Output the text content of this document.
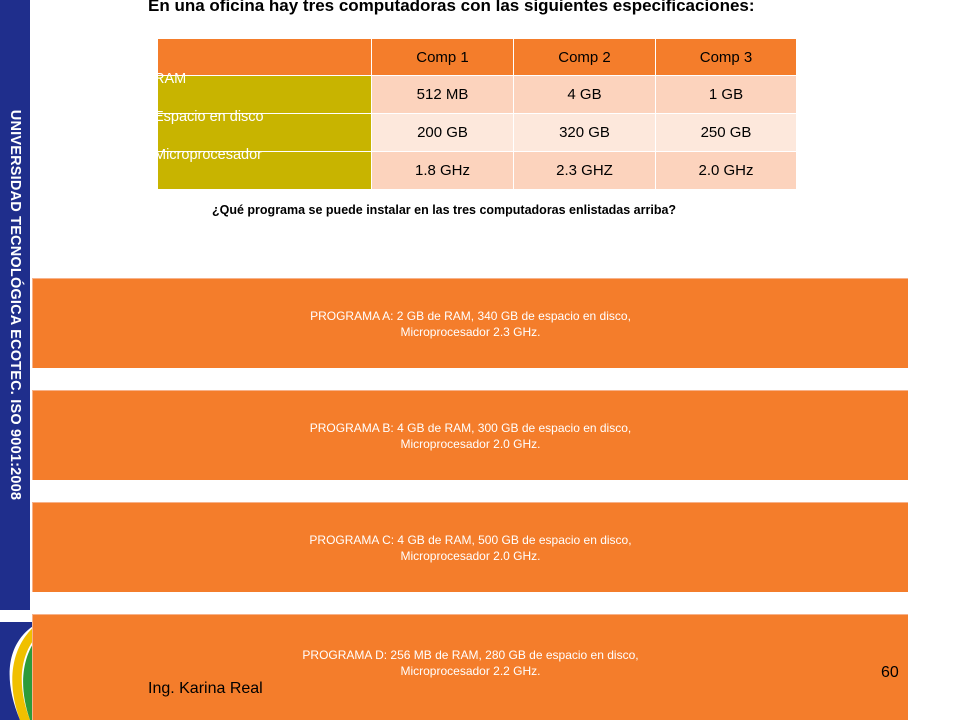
UNIVERSIDAD TECNOLÓGICA ECOTEC. ISO 9001:2008
En una oficina hay tres computadoras con las siguientes especificaciones:
	Comp 1	Comp 2	Comp 3
RAM	512 MB	4 GB	1 GB
Espacio en disco	200 GB	320 GB	250 GB
Microprocesador	1.8 GHz	2.3 GHZ	2.0 GHz
¿Qué programa se puede instalar en las tres computadoras enlistadas arriba?
PROGRAMA A: 2 GB de RAM, 340 GB de espacio en disco,
Microprocesador 2.3 GHz.
PROGRAMA B: 4 GB de RAM, 300 GB de espacio en disco,
Microprocesador 2.0 GHz.
PROGRAMA C: 4 GB de RAM, 500 GB de espacio en disco,
Microprocesador 2.0 GHz.
PROGRAMA D: 256 MB de RAM, 280 GB de espacio en disco,
Microprocesador 2.2 GHz.
Ing. Karina Real
60
